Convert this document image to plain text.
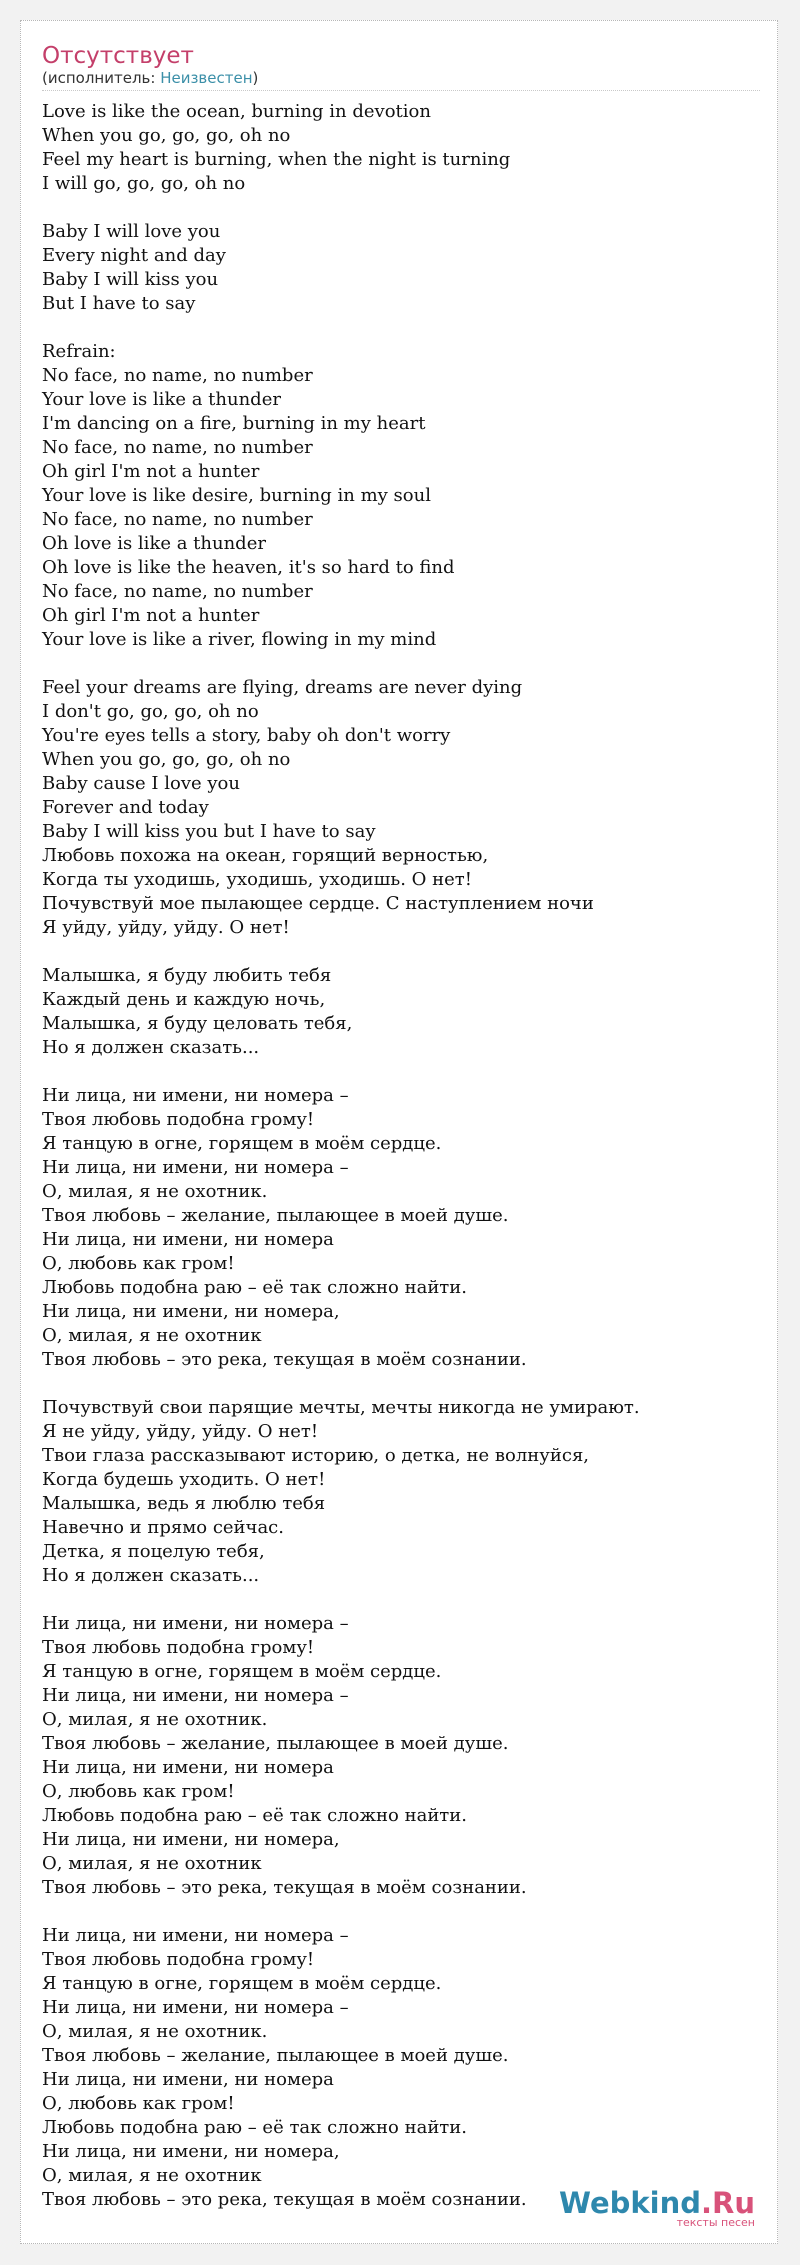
Отсутствует
(исполнитель: Неизвестен)
Love is like the ocean, burning in devotion
When you go, go, go, oh no
Feel my heart is burning, when the night is turning
I will go, go, go, oh no

Baby I will love you
Every night and day
Baby I will kiss you
But I have to say

Refrain:
No face, no name, no number
Your love is like a thunder
I'm dancing on a fire, burning in my heart
No face, no name, no number
Oh girl I'm not a hunter
Your love is like desire, burning in my soul
No face, no name, no number
Oh love is like a thunder
Oh love is like the heaven, it's so hard to find
No face, no name, no number
Oh girl I'm not a hunter
Your love is like a river, flowing in my mind

Feel your dreams are flying, dreams are never dying
I don't go, go, go, oh no
You're eyes tells a story, baby oh don't worry
When you go, go, go, oh no
Baby cause I love you
Forever and today
Baby I will kiss you but I have to say
Любовь похожа на океан, горящий верностью,
Когда ты уходишь, уходишь, уходишь. О нет!
Почувствуй мое пылающее сердце. С наступлением ночи
Я уйду, уйду, уйду. О нет!

Малышка, я буду любить тебя
Каждый день и каждую ночь,
Малышка, я буду целовать тебя,
Но я должен сказать...

Ни лица, ни имени, ни номера –
Твоя любовь подобна грому!
Я танцую в огне, горящем в моём сердце.
Ни лица, ни имени, ни номера –
О, милая, я не охотник.
Твоя любовь – желание, пылающее в моей душе.
Ни лица, ни имени, ни номера
О, любовь как гром!
Любовь подобна раю – её так сложно найти.
Ни лица, ни имени, ни номера,
О, милая, я не охотник
Твоя любовь – это река, текущая в моём сознании.

Почувствуй свои парящие мечты, мечты никогда не умирают.
Я не уйду, уйду, уйду. О нет!
Твои глаза рассказывают историю, о детка, не волнуйся,
Когда будешь уходить. О нет!
Малышка, ведь я люблю тебя
Навечно и прямо сейчас.
Детка, я поцелую тебя,
Но я должен сказать...

Ни лица, ни имени, ни номера –
Твоя любовь подобна грому!
Я танцую в огне, горящем в моём сердце.
Ни лица, ни имени, ни номера –
О, милая, я не охотник.
Твоя любовь – желание, пылающее в моей душе.
Ни лица, ни имени, ни номера
О, любовь как гром!
Любовь подобна раю – её так сложно найти.
Ни лица, ни имени, ни номера,
О, милая, я не охотник
Твоя любовь – это река, текущая в моём сознании.

Ни лица, ни имени, ни номера –
Твоя любовь подобна грому!
Я танцую в огне, горящем в моём сердце.
Ни лица, ни имени, ни номера –
О, милая, я не охотник.
Твоя любовь – желание, пылающее в моей душе.
Ни лица, ни имени, ни номера
О, любовь как гром!
Любовь подобна раю – её так сложно найти.
Ни лица, ни имени, ни номера,
О, милая, я не охотник
Твоя любовь – это река, текущая в моём сознании.	Webkind.Ru
тексты песен
